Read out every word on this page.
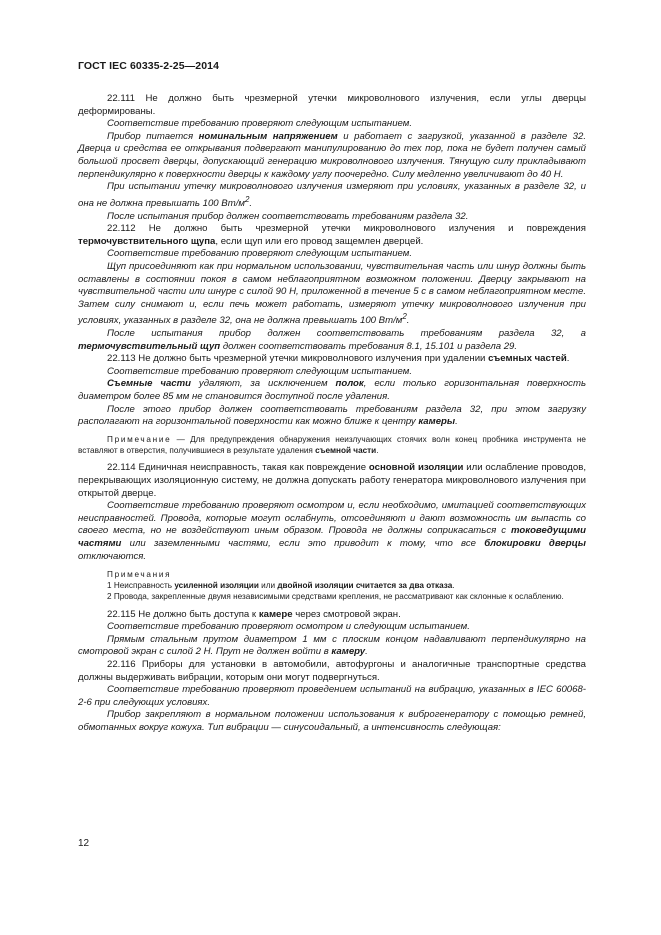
ГОСТ IEC 60335-2-25—2014

22.111 Не должно быть чрезмерной утечки микроволнового излучения, если углы дверцы деформированы.

Соответствие требованию проверяют следующим испытанием.

Прибор питается номинальным напряжением и работает с загрузкой, указанной в разделе 32. Дверца и средства ее открывания подвергают манипулированию до тех пор, пока не будет получен самый большой просвет дверцы, допускающий генерацию микроволнового излучения. Тянущую силу прикладывают перпендикулярно к поверхности дверцы к каждому углу поочередно. Силу медленно увеличивают до 40 Н.

При испытании утечку микроволнового излучения измеряют при условиях, указанных в разделе 32, и она не должна превышать 100 $Вт/м^2$.

После испытания прибор должен соответствовать требованиям раздела 32.

22.112 Не должно быть чрезмерной утечки микроволнового излучения и повреждения термочувствительного щупа, если щуп или его провод защемлен дверцей.

Соответствие требованию проверяют следующим испытанием.

Щуп присоединяют как при нормальном использовании, чувствительная часть или шнур должны быть оставлены в состоянии покоя в самом неблагоприятном возможном положении. Дверцу закрывают на чувствительной части или шнуре с силой 90 Н, приложенной в течение 5 с в самом неблагоприятном месте. Затем силу снимают и, если печь может работать, измеряют утечку микроволнового излучения при условиях, указанных в разделе 32, она не должна превышать 100 $Вт/м^2$.

После испытания прибор должен соответствовать требованиям раздела 32, а термочувствительный щуп должен соответствовать требования 8.1, 15.101 и раздела 29.

22.113 Не должно быть чрезмерной утечки микроволнового излучения при удалении съемных частей.

Соответствие требованию проверяют следующим испытанием.

Съемные части удаляют, за исключением полок, если только горизонтальная поверхность диаметром более 85 мм не становится доступной после удаления.

После этого прибор должен соответствовать требованиям раздела 32, при этом загрузку располагают на горизонтальной поверхности как можно ближе к центру камеры.

Примечание — Для предупреждения обнаружения неизлучающих стоячих волн конец пробника инструмента не вставляют в отверстия, получившиеся в результате удаления съемной части.

22.114 Единичная неисправность, такая как повреждение основной изоляции или ослабление проводов, перекрывающих изоляционную систему, не должна допускать работу генератора микроволнового излучения при открытой дверце.

Соответствие требованию проверяют осмотром и, если необходимо, имитацией соответствующих неисправностей. Провода, которые могут ослабнуть, отсоединяют и дают возможность им выпасть со своего места, но не воздействуют иным образом. Провода не должны соприкасаться с токоведущими частями или заземленными частями, если это приводит к тому, что все блокировки дверцы отключаются.

Примечания

1 Неисправность усиленной изоляции или двойной изоляции считается за два отказа.

2 Провода, закрепленные двумя независимыми средствами крепления, не рассматривают как склонные к ослаблению.

22.115 Не должно быть доступа к камере через смотровой экран.

Соответствие требованию проверяют осмотром и следующим испытанием.

Прямым стальным прутом диаметром 1 мм с плоским концом надавливают перпендикулярно на смотровой экран с силой 2 Н. Прут не должен войти в камеру.

22.116 Приборы для установки в автомобили, автофургоны и аналогичные транспортные средства должны выдерживать вибрации, которым они могут подвергнуться.

Соответствие требованию проверяют проведением испытаний на вибрацию, указанных в IEC 60068-2-6 при следующих условиях.

Прибор закрепляют в нормальном положении использования к виброгенератору с помощью ремней, обмотанных вокруг кожуха. Тип вибрации — синусоидальный, а интенсивность следующая:

12
